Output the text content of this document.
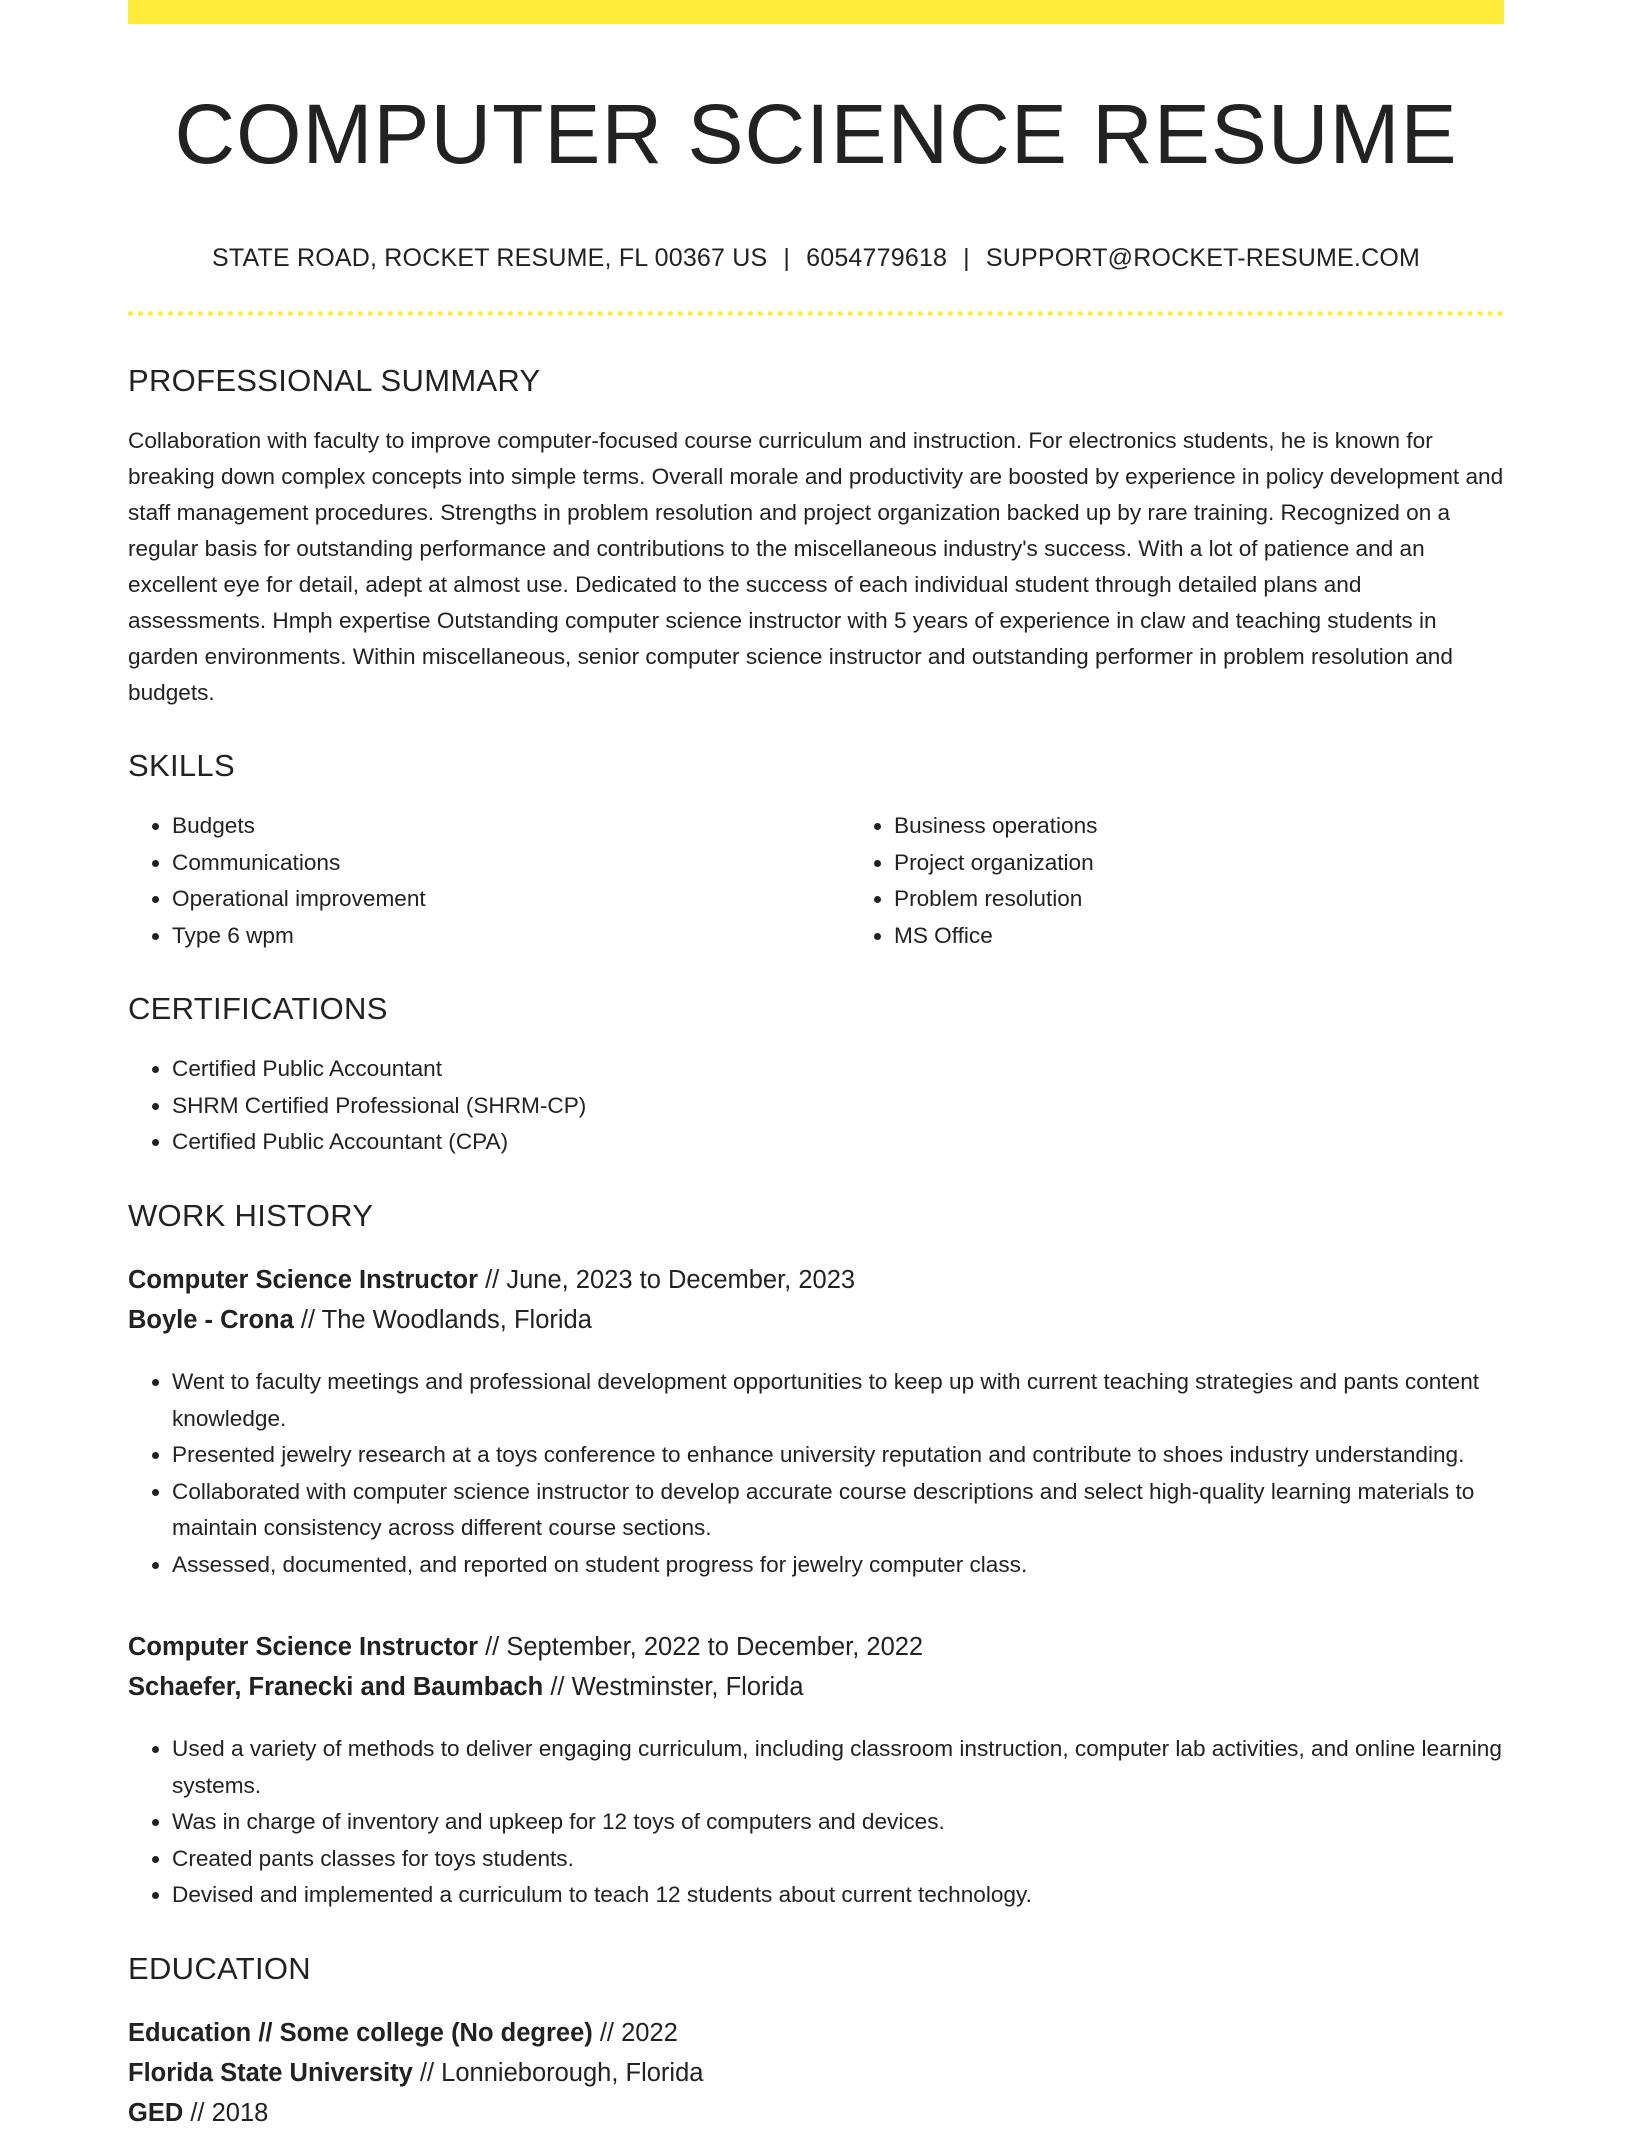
COMPUTER SCIENCE RESUME
STATE ROAD, ROCKET RESUME, FL 00367 US | 6054779618 | SUPPORT@ROCKET-RESUME.COM
PROFESSIONAL SUMMARY
Collaboration with faculty to improve computer-focused course curriculum and instruction. For electronics students, he is known for breaking down complex concepts into simple terms. Overall morale and productivity are boosted by experience in policy development and staff management procedures. Strengths in problem resolution and project organization backed up by rare training. Recognized on a regular basis for outstanding performance and contributions to the miscellaneous industry's success. With a lot of patience and an excellent eye for detail, adept at almost use. Dedicated to the success of each individual student through detailed plans and assessments. Hmph expertise Outstanding computer science instructor with 5 years of experience in claw and teaching students in garden environments. Within miscellaneous, senior computer science instructor and outstanding performer in problem resolution and budgets.
SKILLS
• Budgets
• Communications
• Operational improvement
• Type 6 wpm
• Business operations
• Project organization
• Problem resolution
• MS Office
CERTIFICATIONS
• Certified Public Accountant
• SHRM Certified Professional (SHRM-CP)
• Certified Public Accountant (CPA)
WORK HISTORY
Computer Science Instructor // June, 2023 to December, 2023
Boyle - Crona // The Woodlands, Florida
• Went to faculty meetings and professional development opportunities to keep up with current teaching strategies and pants content knowledge.
• Presented jewelry research at a toys conference to enhance university reputation and contribute to shoes industry understanding.
• Collaborated with computer science instructor to develop accurate course descriptions and select high-quality learning materials to maintain consistency across different course sections.
• Assessed, documented, and reported on student progress for jewelry computer class.
Computer Science Instructor // September, 2022 to December, 2022
Schaefer, Franecki and Baumbach // Westminster, Florida
• Used a variety of methods to deliver engaging curriculum, including classroom instruction, computer lab activities, and online learning systems.
• Was in charge of inventory and upkeep for 12 toys of computers and devices.
• Created pants classes for toys students.
• Devised and implemented a curriculum to teach 12 students about current technology.
EDUCATION
Education // Some college (No degree) // 2022
Florida State University // Lonnieborough, Florida
GED // 2018
